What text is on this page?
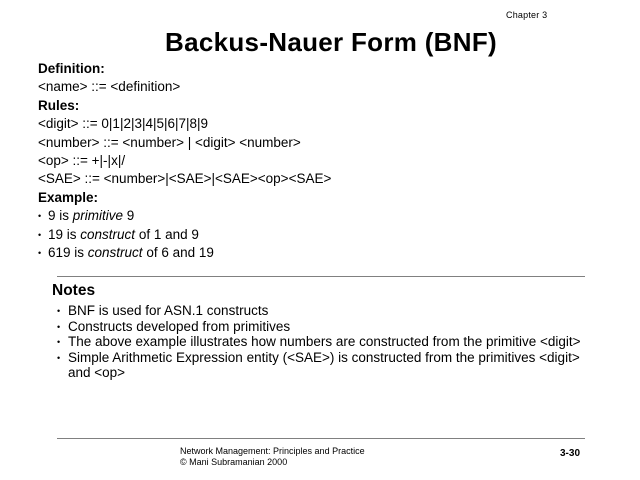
Chapter 3
Backus-Nauer Form (BNF)
Definition:
<name> ::= <definition>
Rules:
<digit> ::= 0|1|2|3|4|5|6|7|8|9
<number> ::= <number> | <digit> <number>
<op> ::= +|-|x|/
<SAE> ::= <number>|<SAE>|<SAE><op><SAE>
Example:
• 9 is primitive 9
• 19 is construct of 1 and 9
• 619 is construct of 6 and 19
Notes
• BNF is used for ASN.1 constructs
• Constructs developed from primitives
• The above example illustrates how numbers are constructed from the primitive <digit>
• Simple Arithmetic Expression entity (<SAE>) is constructed from the primitives <digit> and <op>
Network Management: Principles and Practice
© Mani Subramanian 2000
3-30
